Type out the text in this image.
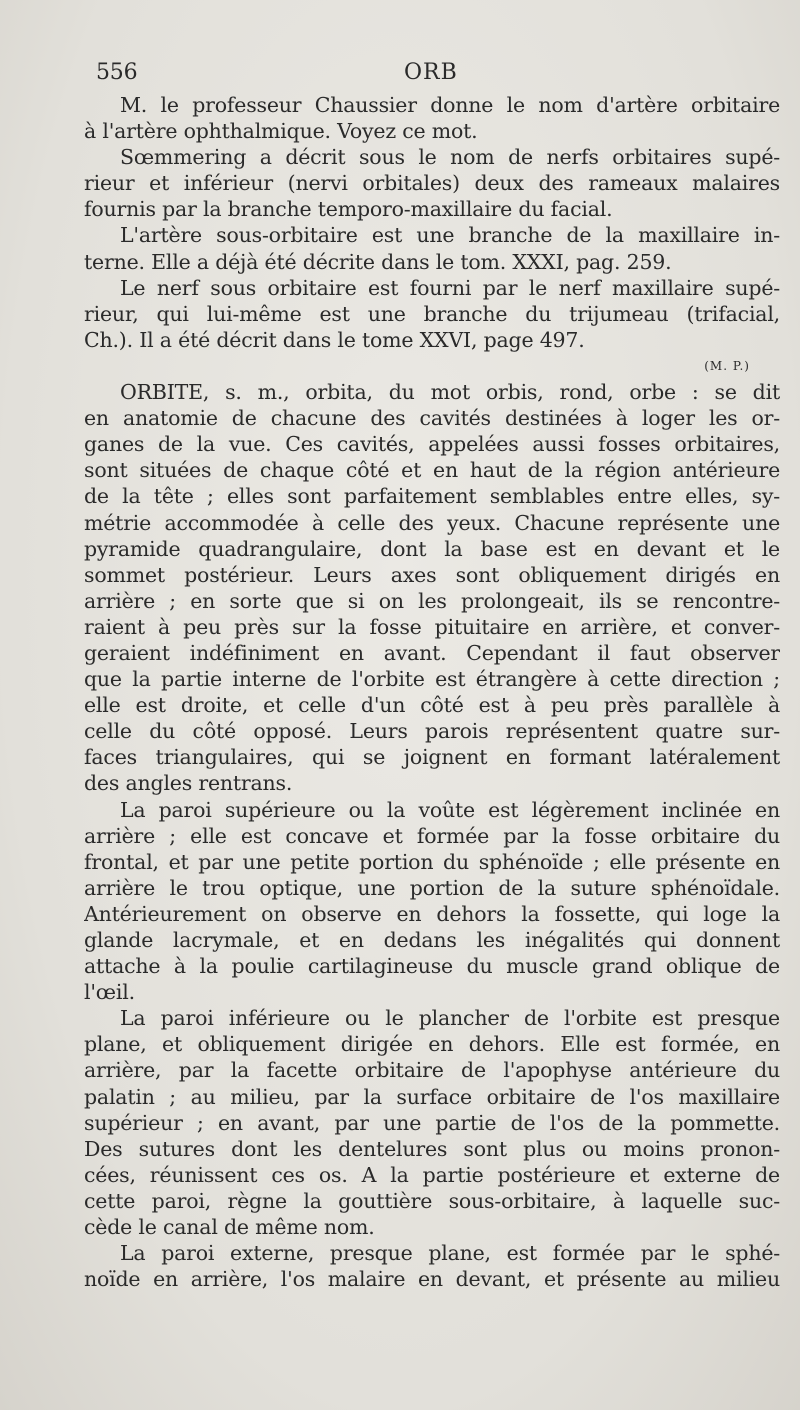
556	ORB
M. le professeur Chaussier donne le nom d'artère orbitaire
à l'artère ophthalmique. Voyez ce mot.
Sœmmering a décrit sous le nom de nerfs orbitaires supé-
rieur et inférieur (nervi orbitales) deux des rameaux malaires
fournis par la branche temporo-maxillaire du facial.
L'artère sous-orbitaire est une branche de la maxillaire in-
terne. Elle a déjà été décrite dans le tom. XXXI, pag. 259.
Le nerf sous orbitaire est fourni par le nerf maxillaire supé-
rieur, qui lui-même est une branche du trijumeau (trifacial,
Ch.). Il a été décrit dans le tome XXVI, page 497.
(M. P.)
ORBITE, s. m., orbita, du mot orbis, rond, orbe : se dit
en anatomie de chacune des cavités destinées à loger les or-
ganes de la vue. Ces cavités, appelées aussi fosses orbitaires,
sont situées de chaque côté et en haut de la région antérieure
de la tête ; elles sont parfaitement semblables entre elles, sy-
métrie accommodée à celle des yeux. Chacune représente une
pyramide quadrangulaire, dont la base est en devant et le
sommet postérieur. Leurs axes sont obliquement dirigés en
arrière ; en sorte que si on les prolongeait, ils se rencontre-
raient à peu près sur la fosse pituitaire en arrière, et conver-
geraient indéfiniment en avant. Cependant il faut observer
que la partie interne de l'orbite est étrangère à cette direction ;
elle est droite, et celle d'un côté est à peu près parallèle à
celle du côté opposé. Leurs parois représentent quatre sur-
faces triangulaires, qui se joignent en formant latéralement
des angles rentrans.
La paroi supérieure ou la voûte est légèrement inclinée en
arrière ; elle est concave et formée par la fosse orbitaire du
frontal, et par une petite portion du sphénoïde ; elle présente en
arrière le trou optique, une portion de la suture sphénoïdale.
Antérieurement on observe en dehors la fossette, qui loge la
glande lacrymale, et en dedans les inégalités qui donnent
attache à la poulie cartilagineuse du muscle grand oblique de
l'œil.
La paroi inférieure ou le plancher de l'orbite est presque
plane, et obliquement dirigée en dehors. Elle est formée, en
arrière, par la facette orbitaire de l'apophyse antérieure du
palatin ; au milieu, par la surface orbitaire de l'os maxillaire
supérieur ; en avant, par une partie de l'os de la pommette.
Des sutures dont les dentelures sont plus ou moins pronon-
cées, réunissent ces os. A la partie postérieure et externe de
cette paroi, règne la gouttière sous-orbitaire, à laquelle suc-
cède le canal de même nom.
La paroi externe, presque plane, est formée par le sphé-
noïde en arrière, l'os malaire en devant, et présente au milieu
